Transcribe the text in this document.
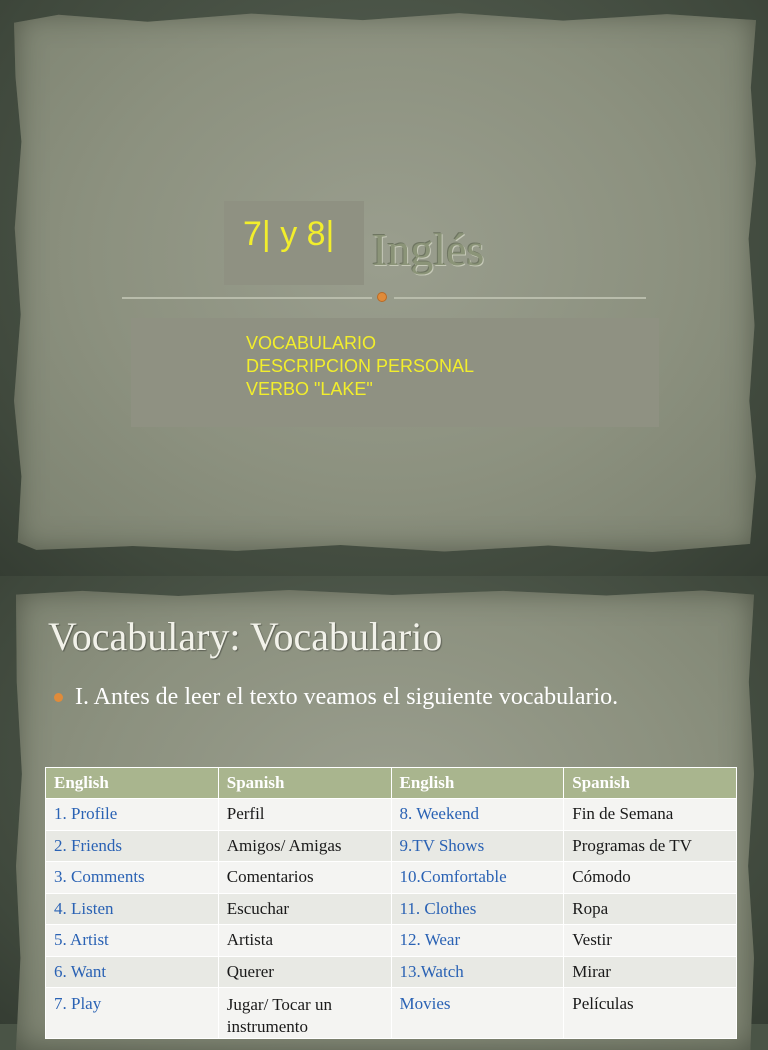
7| y 8| Inglés
VOCABULARIO
DESCRIPCION PERSONAL
VERBO "LAKE"
Vocabulary: Vocabulario
I. Antes de leer el texto veamos el siguiente vocabulario.
English	Spanish	English	Spanish
1. Profile	Perfil	8. Weekend	Fin de Semana
2. Friends	Amigos/ Amigas	9.TV Shows	Programas de TV
3. Comments	Comentarios	10.Comfortable	Cómodo
4. Listen	Escuchar	11. Clothes	Ropa
5. Artist	Artista	12. Wear	Vestir
6. Want	Querer	13.Watch	Mirar
7. Play	Jugar/ Tocar un instrumento	Movies	Películas
